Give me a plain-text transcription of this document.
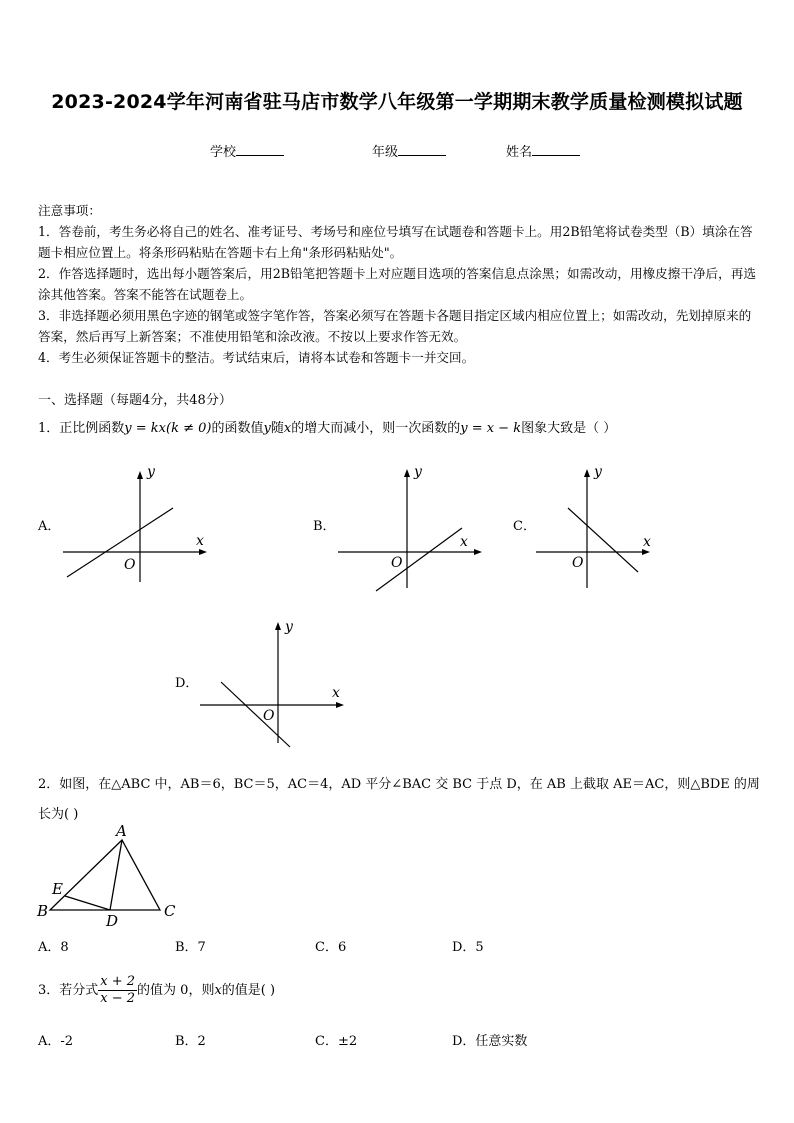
2023-2024学年河南省驻马店市数学八年级第一学期期末教学质量检测模拟试题
学校	年级	姓名
注意事项：
1．答卷前，考生务必将自己的姓名、准考证号、考场号和座位号填写在试题卷和答题卡上。用2B铅笔将试卷类型（B）填涂在答题卡相应位置上。将条形码粘贴在答题卡右上角"条形码粘贴处"。
2．作答选择题时，选出每小题答案后，用2B铅笔把答题卡上对应题目选项的答案信息点涂黑；如需改动，用橡皮擦干净后，再选涂其他答案。答案不能答在试题卷上。
3．非选择题必须用黑色字迹的钢笔或签字笔作答，答案必须写在答题卡各题目指定区域内相应位置上；如需改动，先划掉原来的答案，然后再写上新答案；不准使用铅笔和涂改液。不按以上要求作答无效。
4．考生必须保证答题卡的整洁。考试结束后，请将本试卷和答题卡一并交回。
一、选择题（每题4分，共48分）
1．正比例函数y = kx(k ≠ 0)的函数值y随x的增大而减小，则一次函数的y = x − k图象大致是（ ）
A．	B．	C．
D．
x
y
O
x
y
O
x
y
O
x
y
O
2．如图，在△ABC 中，AB＝6，BC＝5，AC＝4，AD 平分∠BAC 交 BC 于点 D，在 AB 上截取 AE＝AC，则△BDE 的周长为( )
A
B	C
D
E
A．8	B．7	C．6	D．5
3．若分式 $\frac{x + 2}{x - 2}$ 的值为 0，则x的值是( )
A．-2	B．2	C．±2	D．任意实数
